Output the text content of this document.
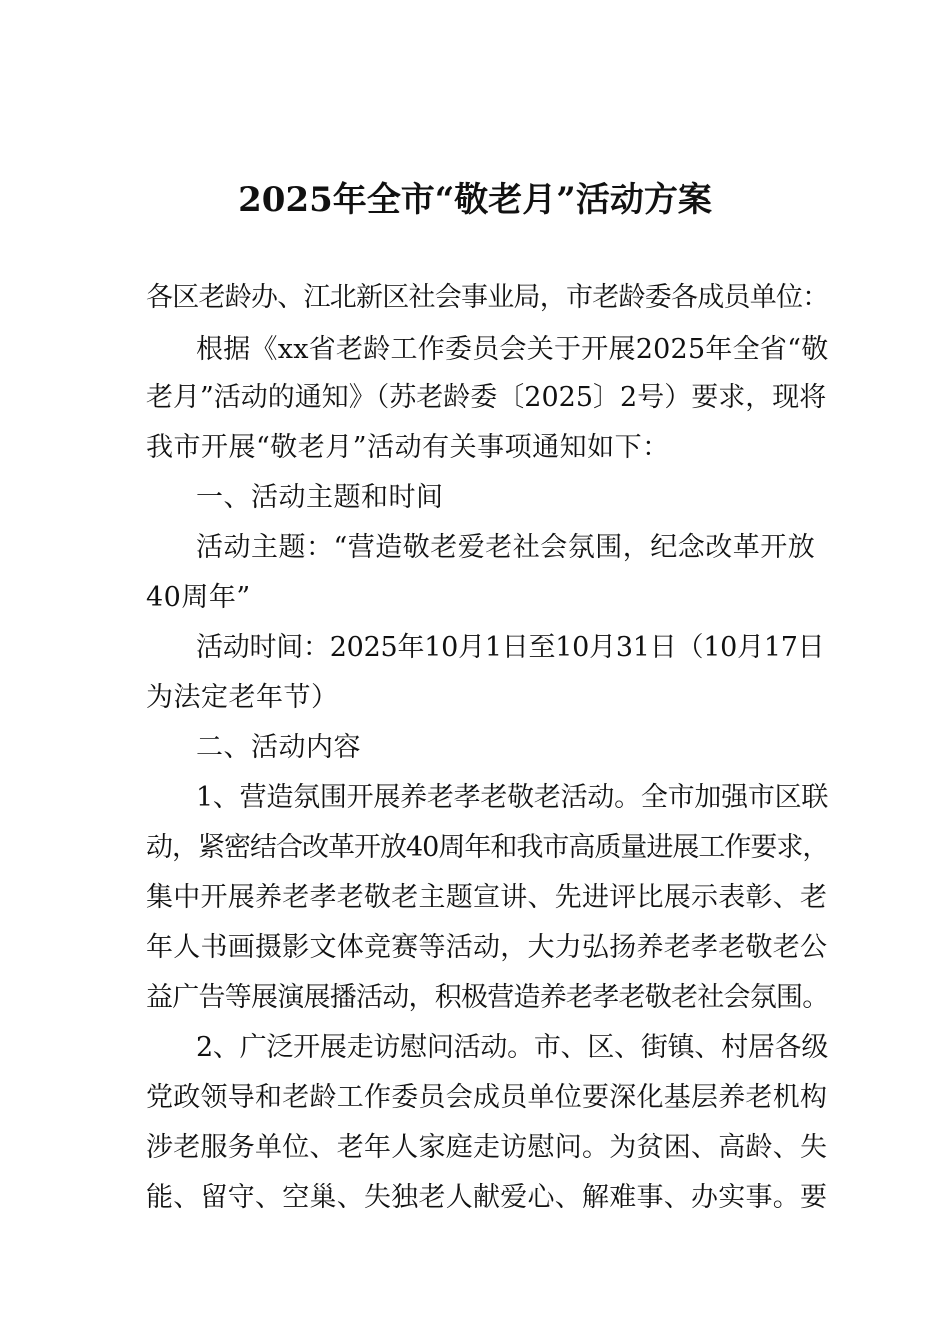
2025年全市“敬老月”活动方案
各区老龄办、江北新区社会事业局，市老龄委各成员单位：
根据《xx省老龄工作委员会关于开展2025年全省“敬
老月”活动的通知》（苏老龄委〔2025〕2号）要求，现将
我市开展“敬老月”活动有关事项通知如下：
一、活动主题和时间
活动主题：“营造敬老爱老社会氛围，纪念改革开放
40周年”
活动时间：2025年10月1日至10月31日（10月17日
为法定老年节）
二、活动内容
1、营造氛围开展养老孝老敬老活动。全市加强市区联
动，紧密结合改革开放40周年和我市高质量进展工作要求，
集中开展养老孝老敬老主题宣讲、先进评比展示表彰、老
年人书画摄影文体竞赛等活动，大力弘扬养老孝老敬老公
益广告等展演展播活动，积极营造养老孝老敬老社会氛围。
2、广泛开展走访慰问活动。市、区、街镇、村居各级
党政领导和老龄工作委员会成员单位要深化基层养老机构
涉老服务单位、老年人家庭走访慰问。为贫困、高龄、失
能、留守、空巢、失独老人献爱心、解难事、办实事。要
